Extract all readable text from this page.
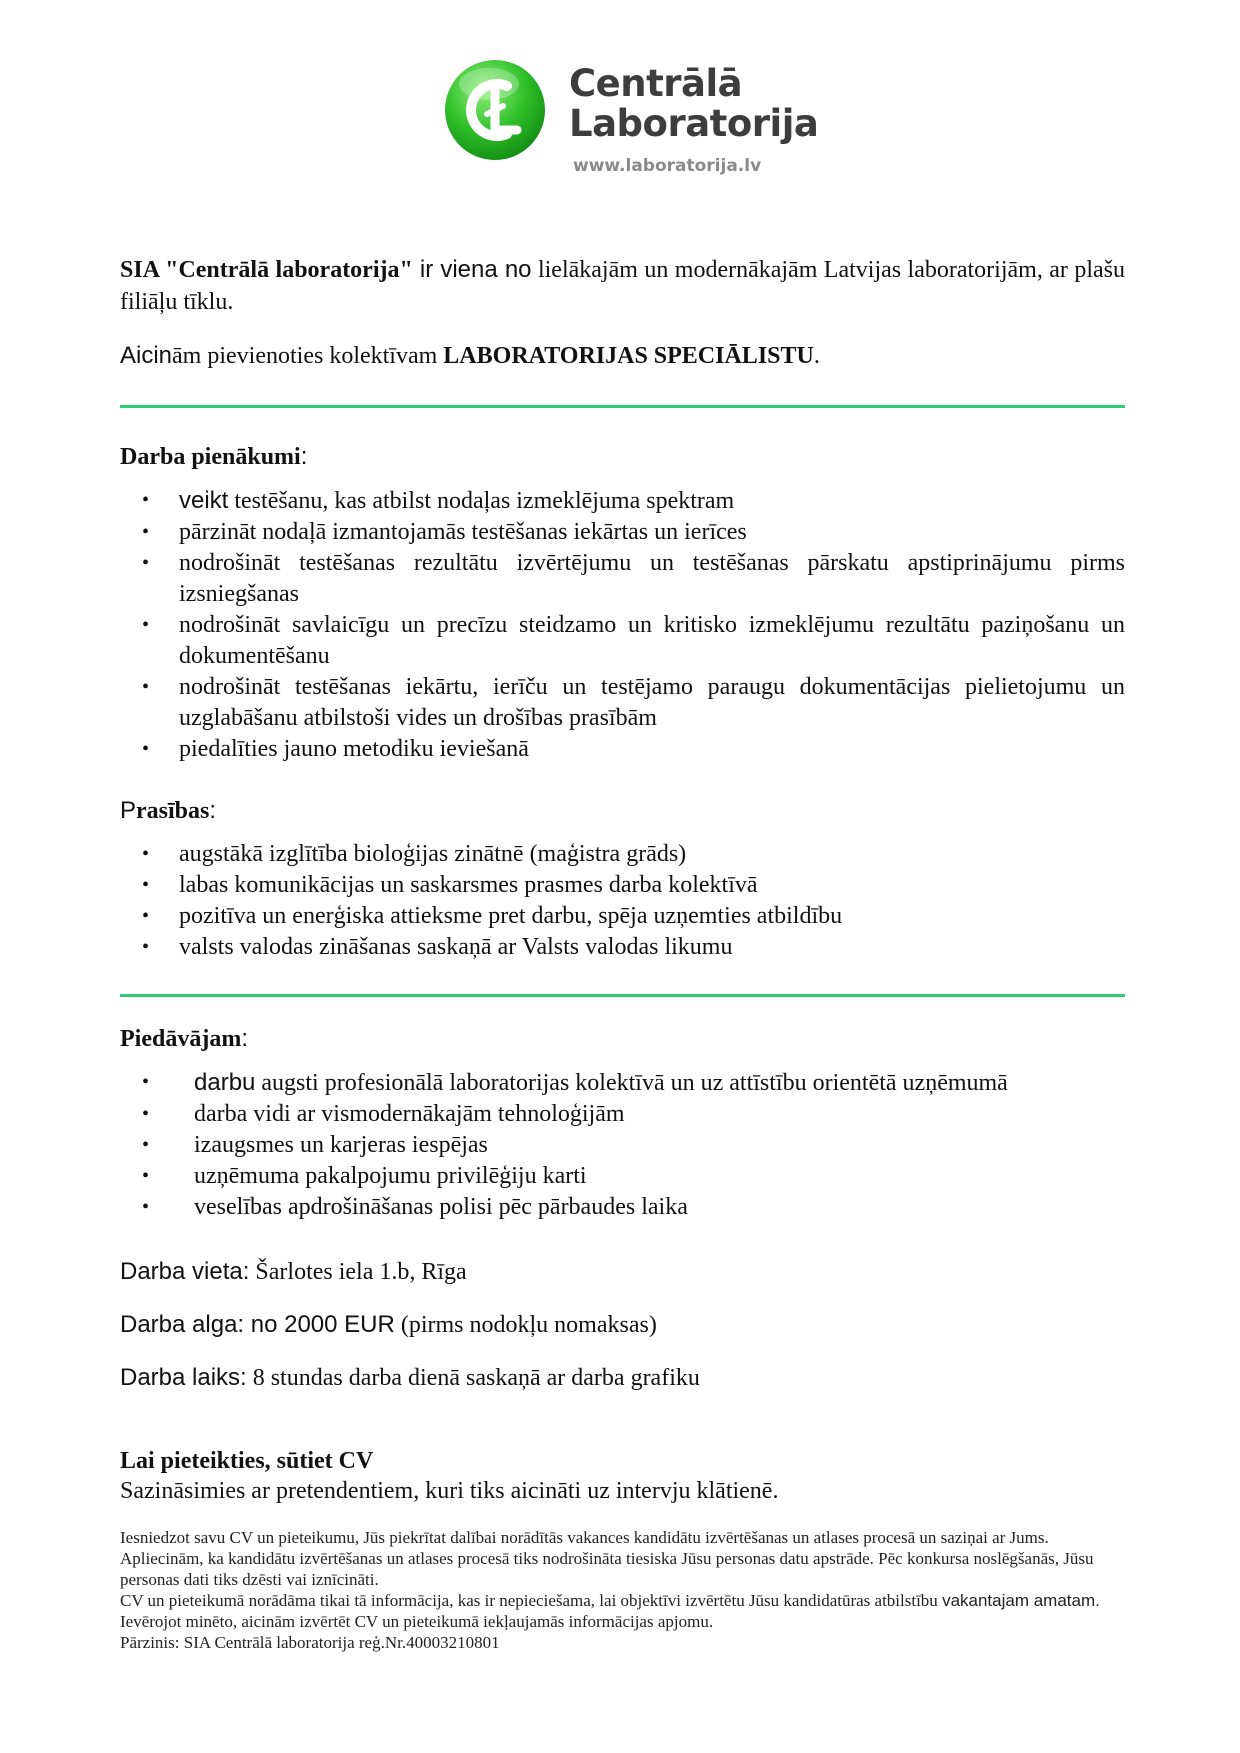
Centrālā
Laboratorija
www.laboratorija.lv
SIA "Centrālā laboratorija" ir viena no lielākajām un modernākajām Latvijas laboratorijām, ar plašu filiāļu tīklu.
Aicinām pievienoties kolektīvam LABORATORIJAS SPECIĀLISTU.
Darba pienākumi:
• veikt testēšanu, kas atbilst nodaļas izmeklējuma spektram
• pārzināt nodaļā izmantojamās testēšanas iekārtas un ierīces
• nodrošināt testēšanas rezultātu izvērtējumu un testēšanas pārskatu apstiprinājumu pirms izsniegšanas
• nodrošināt savlaicīgu un precīzu steidzamo un kritisko izmeklējumu rezultātu paziņošanu un dokumentēšanu
• nodrošināt testēšanas iekārtu, ierīču un testējamo paraugu dokumentācijas pielietojumu un uzglabāšanu atbilstoši vides un drošības prasībām
• piedalīties jauno metodiku ieviešanā
Prasības:
• augstākā izglītība bioloģijas zinātnē (maģistra grāds)
• labas komunikācijas un saskarsmes prasmes darba kolektīvā
• pozitīva un enerģiska attieksme pret darbu, spēja uzņemties atbildību
• valsts valodas zināšanas saskaņā ar Valsts valodas likumu
Piedāvājam:
• darbu augsti profesionālā laboratorijas kolektīvā un uz attīstību orientētā uzņēmumā
• darba vidi ar vismodernākajām tehnoloģijām
• izaugsmes un karjeras iespējas
• uzņēmuma pakalpojumu privilēģiju karti
• veselības apdrošināšanas polisi pēc pārbaudes laika
Darba vieta: Šarlotes iela 1.b, Rīga
Darba alga: no 2000 EUR (pirms nodokļu nomaksas)
Darba laiks: 8 stundas darba dienā saskaņā ar darba grafiku
Lai pieteikties, sūtiet CV
Sazināsimies ar pretendentiem, kuri tiks aicināti uz intervju klātienē.

Iesniedzot savu CV un pieteikumu, Jūs piekrītat dalībai norādītās vakances kandidātu izvērtēšanas un atlases procesā un saziņai ar Jums.

Apliecinām, ka kandidātu izvērtēšanas un atlases procesā tiks nodrošināta tiesiska Jūsu personas datu apstrāde. Pēc konkursa noslēgšanās, Jūsu personas dati tiks dzēsti vai iznīcināti.

CV un pieteikumā norādāma tikai tā informācija, kas ir nepieciešama, lai objektīvi izvērtētu Jūsu kandidatūras atbilstību vakantajam amatam. Ievērojot minēto, aicinām izvērtēt CV un pieteikumā iekļaujamās informācijas apjomu.

Pārzinis: SIA Centrālā laboratorija reģ.Nr.40003210801
